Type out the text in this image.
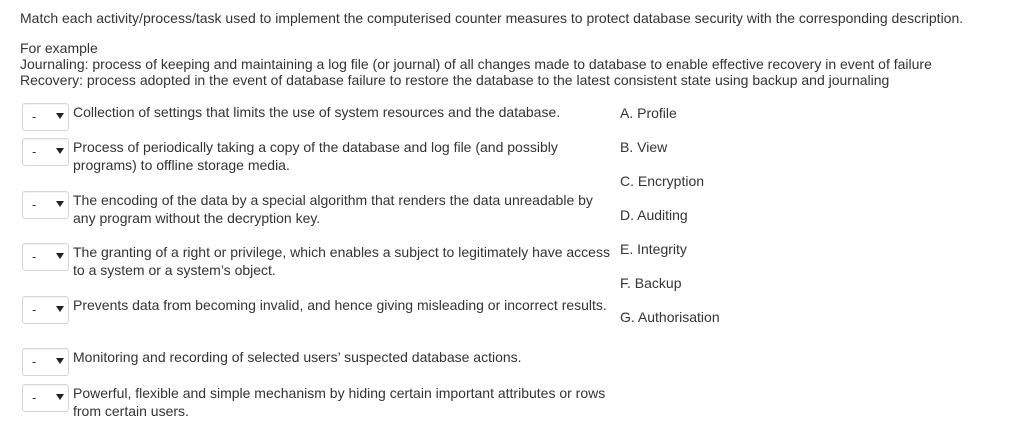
Match each activity/process/task used to implement the computerised counter measures to protect database security with the corresponding description.
For example
Journaling: process of keeping and maintaining a log file (or journal) of all changes made to database to enable effective recovery in event of failure
Recovery: process adopted in the event of database failure to restore the database to the latest consistent state using backup and journaling
-	Collection of settings that limits the use of system resources and the database.
-	Process of periodically taking a copy of the database and log file (and possibly programs) to offline storage media.
-	The encoding of the data by a special algorithm that renders the data unreadable by any program without the decryption key.
-	The granting of a right or privilege, which enables a subject to legitimately have access to a system or a system’s object.
-	Prevents data from becoming invalid, and hence giving misleading or incorrect results.
-	Monitoring and recording of selected users’ suspected database actions.
-	Powerful, flexible and simple mechanism by hiding certain important attributes or rows from certain users.
A. Profile
B. View
C. Encryption
D. Auditing
E. Integrity
F. Backup
G. Authorisation
